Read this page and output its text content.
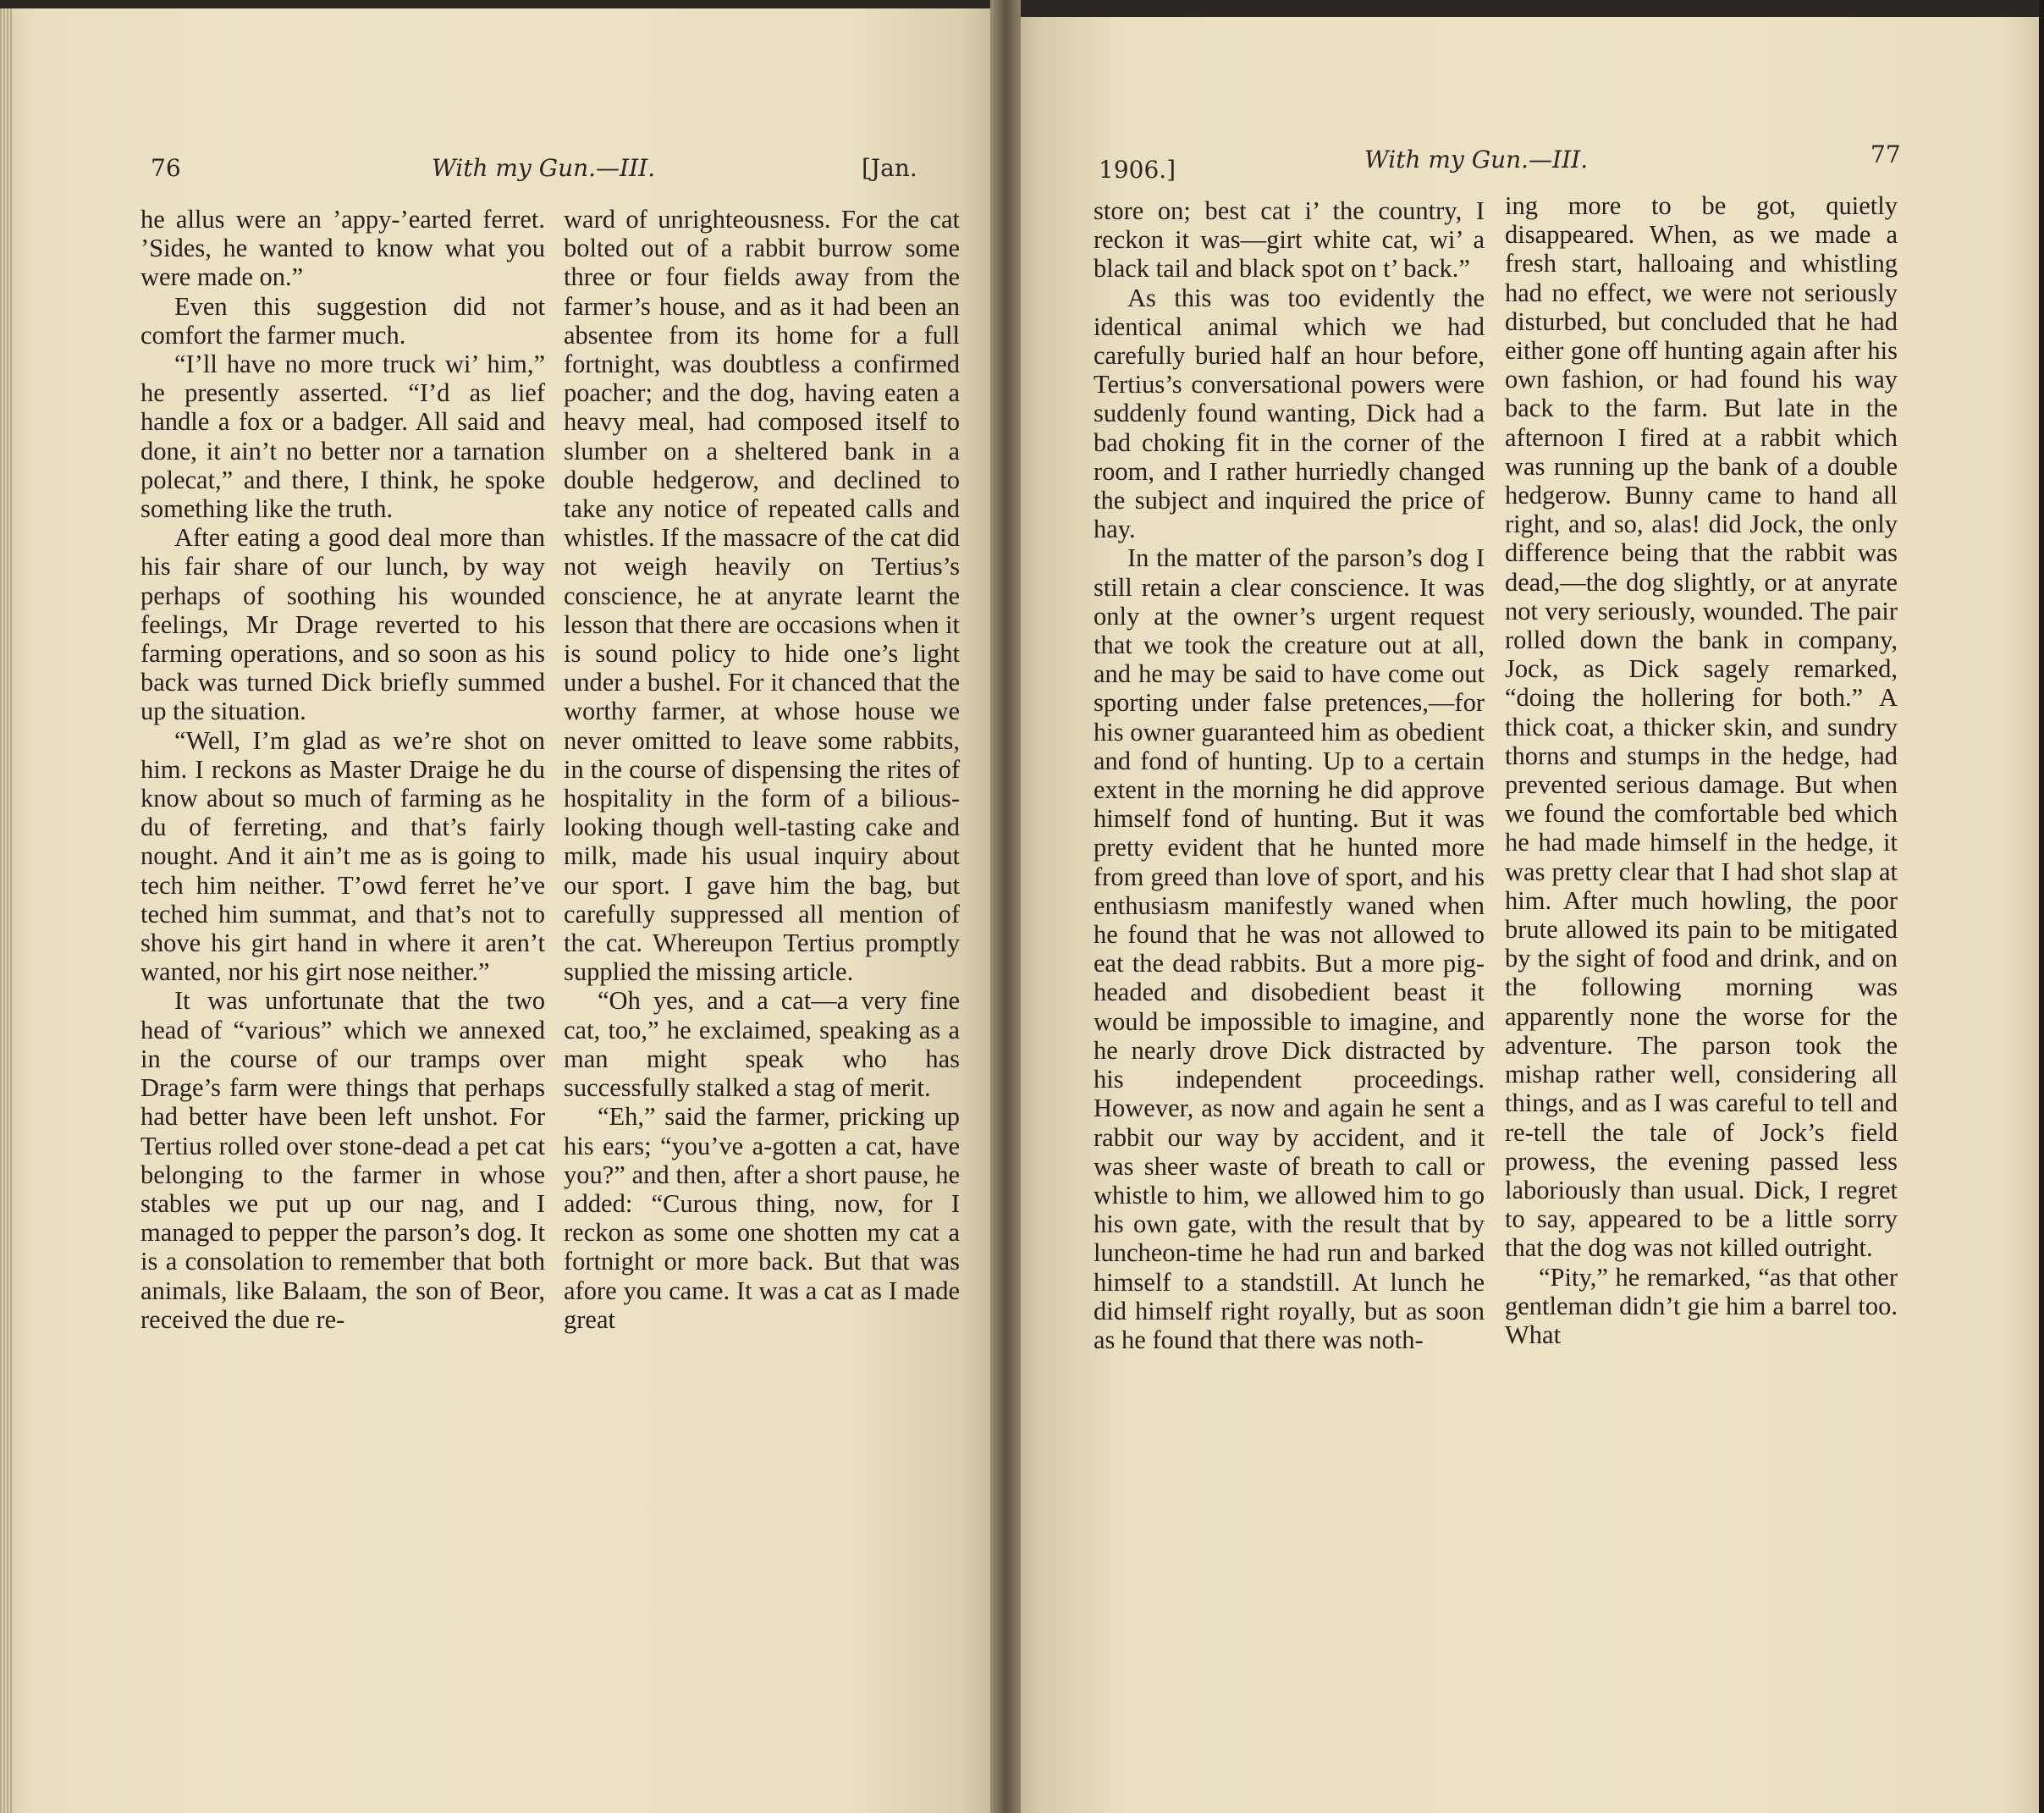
76	With my Gun.—III.	[Jan.

he allus were an ’appy-’earted ferret. ’Sides, he wanted to know what you were made on.”

Even this suggestion did not comfort the farmer much.

“I’ll have no more truck wi’ him,” he presently asserted. “I’d as lief handle a fox or a badger. All said and done, it ain’t no better nor a tarnation polecat,” and there, I think, he spoke something like the truth.

After eating a good deal more than his fair share of our lunch, by way perhaps of soothing his wounded feelings, Mr Drage reverted to his farming operations, and so soon as his back was turned Dick briefly summed up the situation.

“Well, I’m glad as we’re shot on him. I reckons as Master Draige he du know about so much of farming as he du of ferreting, and that’s fairly nought. And it ain’t me as is going to tech him neither. T’owd ferret he’ve teched him summat, and that’s not to shove his girt hand in where it aren’t wanted, nor his girt nose neither.”

It was unfortunate that the two head of “various” which we annexed in the course of our tramps over Drage’s farm were things that perhaps had better have been left unshot. For Tertius rolled over stone-dead a pet cat belonging to the farmer in whose stables we put up our nag, and I managed to pepper the parson’s dog. It is a consolation to remember that both animals, like Balaam, the son of Beor, received the due re-

ward of unrighteousness. For the cat bolted out of a rabbit burrow some three or four fields away from the farmer’s house, and as it had been an absentee from its home for a full fortnight, was doubtless a confirmed poacher; and the dog, having eaten a heavy meal, had composed itself to slumber on a sheltered bank in a double hedgerow, and declined to take any notice of repeated calls and whistles. If the massacre of the cat did not weigh heavily on Tertius’s conscience, he at anyrate learnt the lesson that there are occasions when it is sound policy to hide one’s light under a bushel. For it chanced that the worthy farmer, at whose house we never omitted to leave some rabbits, in the course of dispensing the rites of hospitality in the form of a bilious-looking though well-tasting cake and milk, made his usual inquiry about our sport. I gave him the bag, but carefully suppressed all mention of the cat. Whereupon Tertius promptly supplied the missing article.

“Oh yes, and a cat—a very fine cat, too,” he exclaimed, speaking as a man might speak who has successfully stalked a stag of merit.

“Eh,” said the farmer, pricking up his ears; “you’ve a-gotten a cat, have you?” and then, after a short pause, he added: “Curous thing, now, for I reckon as some one shotten my cat a fortnight or more back. But that was afore you came. It was a cat as I made great

1906.]	With my Gun.—III.	77

store on; best cat i’ the country, I reckon it was—girt white cat, wi’ a black tail and black spot on t’ back.”

As this was too evidently the identical animal which we had carefully buried half an hour before, Tertius’s conversational powers were suddenly found wanting, Dick had a bad choking fit in the corner of the room, and I rather hurriedly changed the subject and inquired the price of hay.

In the matter of the parson’s dog I still retain a clear conscience. It was only at the owner’s urgent request that we took the creature out at all, and he may be said to have come out sporting under false pretences,—for his owner guaranteed him as obedient and fond of hunting. Up to a certain extent in the morning he did approve himself fond of hunting. But it was pretty evident that he hunted more from greed than love of sport, and his enthusiasm manifestly waned when he found that he was not allowed to eat the dead rabbits. But a more pig-headed and disobedient beast it would be impossible to imagine, and he nearly drove Dick distracted by his independent proceedings. However, as now and again he sent a rabbit our way by accident, and it was sheer waste of breath to call or whistle to him, we allowed him to go his own gate, with the result that by luncheon-time he had run and barked himself to a standstill. At lunch he did himself right royally, but as soon as he found that there was noth-

ing more to be got, quietly disappeared. When, as we made a fresh start, halloaing and whistling had no effect, we were not seriously disturbed, but concluded that he had either gone off hunting again after his own fashion, or had found his way back to the farm. But late in the afternoon I fired at a rabbit which was running up the bank of a double hedgerow. Bunny came to hand all right, and so, alas! did Jock, the only difference being that the rabbit was dead,—the dog slightly, or at anyrate not very seriously, wounded. The pair rolled down the bank in company, Jock, as Dick sagely remarked, “doing the hollering for both.” A thick coat, a thicker skin, and sundry thorns and stumps in the hedge, had prevented serious damage. But when we found the comfortable bed which he had made himself in the hedge, it was pretty clear that I had shot slap at him. After much howling, the poor brute allowed its pain to be mitigated by the sight of food and drink, and on the following morning was apparently none the worse for the adventure. The parson took the mishap rather well, considering all things, and as I was careful to tell and re-tell the tale of Jock’s field prowess, the evening passed less laboriously than usual. Dick, I regret to say, appeared to be a little sorry that the dog was not killed outright.

“Pity,” he remarked, “as that other gentleman didn’t gie him a barrel too. What
